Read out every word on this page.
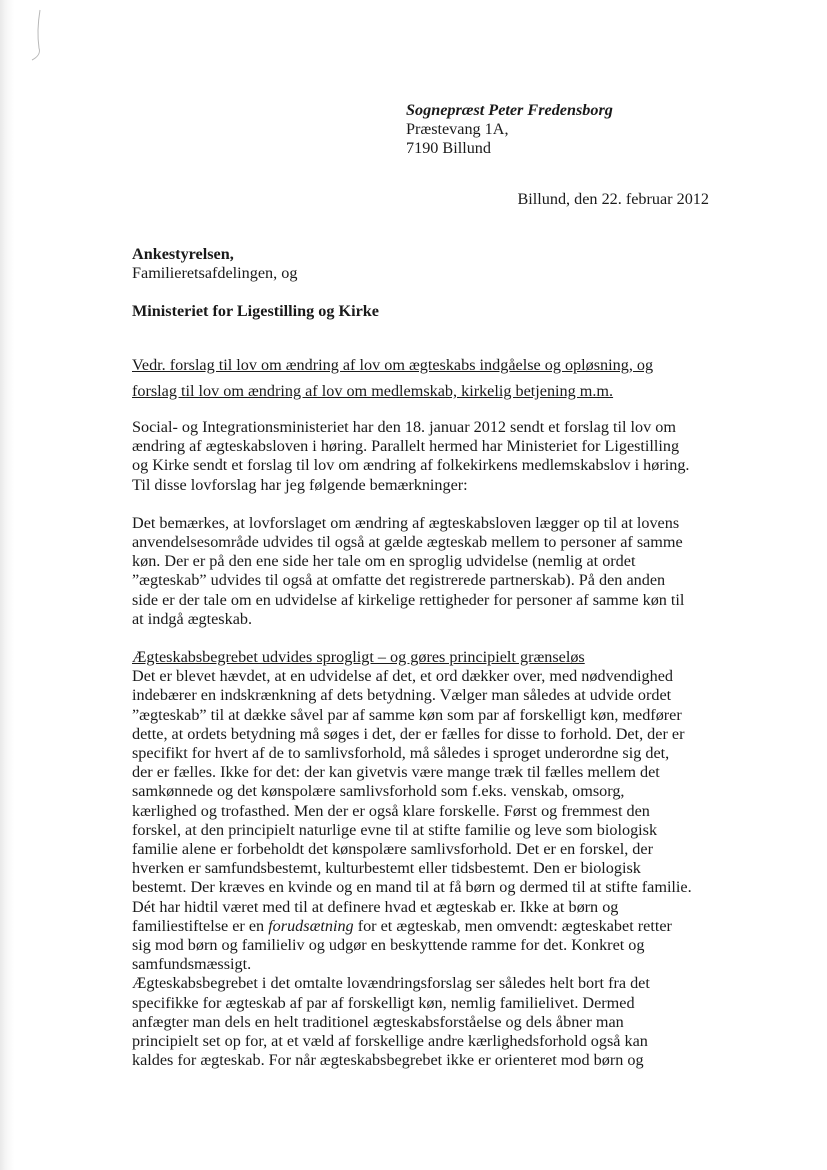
Sognepræst Peter Fredensborg
Præstevang 1A,
7190 Billund
Billund, den 22. februar 2012
Ankestyrelsen,
Familieretsafdelingen, og
Ministeriet for Ligestilling og Kirke
Vedr. forslag til lov om ændring af lov om ægteskabs indgåelse og opløsning, og
forslag til lov om ændring af lov om medlemskab, kirkelig betjening m.m.
Social- og Integrationsministeriet har den 18. januar 2012 sendt et forslag til lov om
ændring af ægteskabsloven i høring. Parallelt hermed har Ministeriet for Ligestilling
og Kirke sendt et forslag til lov om ændring af folkekirkens medlemskabslov i høring.
Til disse lovforslag har jeg følgende bemærkninger:
Det bemærkes, at lovforslaget om ændring af ægteskabsloven lægger op til at lovens
anvendelsesområde udvides til også at gælde ægteskab mellem to personer af samme
køn. Der er på den ene side her tale om en sproglig udvidelse (nemlig at ordet
”ægteskab” udvides til også at omfatte det registrerede partnerskab). På den anden
side er der tale om en udvidelse af kirkelige rettigheder for personer af samme køn til
at indgå ægteskab.
Ægteskabsbegrebet udvides sprogligt – og gøres principielt grænseløs
Det er blevet hævdet, at en udvidelse af det, et ord dækker over, med nødvendighed
indebærer en indskrænkning af dets betydning. Vælger man således at udvide ordet
”ægteskab” til at dække såvel par af samme køn som par af forskelligt køn, medfører
dette, at ordets betydning må søges i det, der er fælles for disse to forhold. Det, der er
specifikt for hvert af de to samlivsforhold, må således i sproget underordne sig det,
der er fælles. Ikke for det: der kan givetvis være mange træk til fælles mellem det
samkønnede og det kønspolære samlivsforhold som f.eks. venskab, omsorg,
kærlighed og trofasthed. Men der er også klare forskelle. Først og fremmest den
forskel, at den principielt naturlige evne til at stifte familie og leve som biologisk
familie alene er forbeholdt det kønspolære samlivsforhold. Det er en forskel, der
hverken er samfundsbestemt, kulturbestemt eller tidsbestemt. Den er biologisk
bestemt. Der kræves en kvinde og en mand til at få børn og dermed til at stifte familie.
Dét har hidtil været med til at definere hvad et ægteskab er. Ikke at børn og
familiestiftelse er en forudsætning for et ægteskab, men omvendt: ægteskabet retter
sig mod børn og familieliv og udgør en beskyttende ramme for det. Konkret og
samfundsmæssigt.
Ægteskabsbegrebet i det omtalte lovændringsforslag ser således helt bort fra det
specifikke for ægteskab af par af forskelligt køn, nemlig familielivet. Dermed
anfægter man dels en helt traditionel ægteskabsforståelse og dels åbner man
principielt set op for, at et væld af forskellige andre kærlighedsforhold også kan
kaldes for ægteskab. For når ægteskabsbegrebet ikke er orienteret mod børn og
